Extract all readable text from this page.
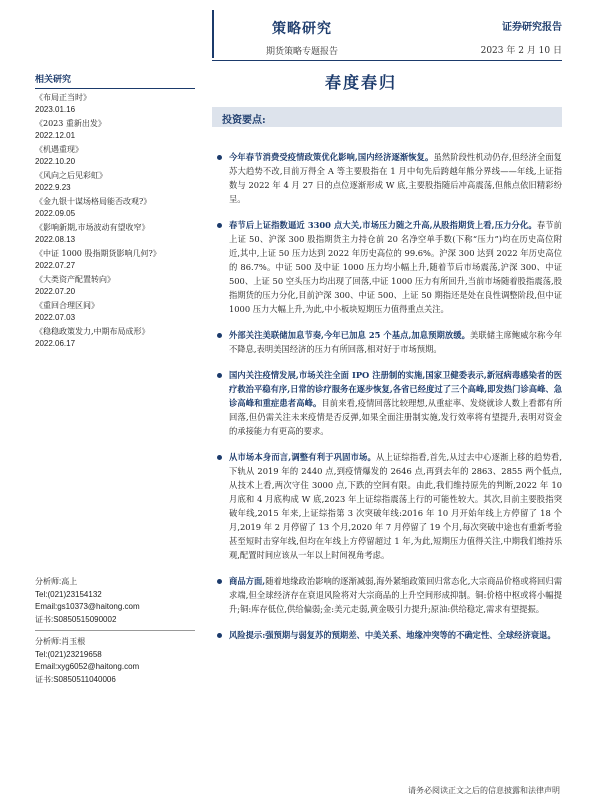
策略研究
期货策略专题报告
证券研究报告
2023 年 2 月 10 日
相关研究
《布局正当时》
2023.01.16
《2023 重新出发》
2022.12.01
《机遇重现》
2022.10.20
《风向之后见彩虹》
2022.9.23
《金九银十谋场格局能否改观?》
2022.09.05
《影响新期,市场波动有望收窄》
2022.08.13
《中证 1000 股指期货影响几何?》
2022.07.27
《大类资产配置转向》
2022.07.20
《重回合理区间》
2022.07.03
《稳稳政策发力,中期布局成形》
2022.06.17
分析师:高上
Tel:(021)23154132
Email:gs10373@haitong.com
证书:S0850515090002
分析师:肖玉根
Tel:(021)23219658
Email:xyg6052@haitong.com
证书:S0850511040006
春度春归
投资要点:
今年春节消费受疫情政策优化影响,国内经济逐渐恢复。虽然阶段性机动仍存,但经济全面复苏大趋势不改,目前万得全 A 等主要股指在 1 月中旬先后跨越年熊分界线——年线,上证指数与 2022 年 4 月 27 日的点位逐渐形成 W 底,主要股指随后冲高震荡,但熊点依旧精彩纷呈。
春节后上证指数逼近 3300 点大关,市场压力随之升高,从股指期货上看,压力分化。春节前上证 50、沪深 300 股指期货主力持仓前 20 名净空单手数(下称“压力”)均在历史高位附近,其中,上证 50 压力达到 2022 年历史高位的 99.6%。沪深 300 达到 2022 年历史高位的 86.7%。中证 500 及中证 1000 压力均小幅上升,随着节后市场震荡,沪深 300、中证 500、上证 50 空头压力均出现了回落,中证 1000 压力有所回升,当前市场随着股指震荡,股指期货的压力分化,目前沪深 300、中证 500、上证 50 期指还是处在良性调整阶段,但中证 1000 压力大幅上升,为此,中小板块短期压力值得重点关注。
外部关注美联储加息节奏,今年已加息 25 个基点,加息预期放缓。美联储主席鲍威尔称今年不降息,表明美国经济的压力有所回落,相对好于市场预期。
国内关注疫情发展,市场关注全面 IPO 注册制的实施,国家卫健委表示,新冠病毒感染者的医疗救治平稳有序,日常的诊疗服务在逐步恢复,各省已经度过了三个高峰,即发热门诊高峰、急诊高峰和重症患者高峰。目前来看,疫情回落比较理想,从重症率、发烧就诊人数上看都有所回落,但仍需关注未来疫情是否反弹,如果全面注册制实施,发行效率将有望提升,表明对资金的承接能力有更高的要求。
从市场本身而言,调整有利于巩固市场。从上证综指看,首先,从过去中心逐渐上移的趋势看,下轨从 2019 年的 2440 点,到疫情爆发的 2646 点,再到去年的 2863、2855 两个低点,从技术上看,两次守住 3000 点,下跌的空间有限。由此,我们维持原先的判断,2022 年 10 月底和 4 月底构成 W 底,2023 年上证综指震荡上行的可能性较大。其次,目前主要股指突破年线,2015 年来,上证综指第 3 次突破年线:2016 年 10 月开始年线上方停留了 18 个月,2019 年 2 月停留了 13 个月,2020 年 7 月停留了 19 个月,每次突破中途也有重新考验甚至短时击穿年线,但均在年线上方停留超过 1 年,为此,短期压力值得关注,中期我们维持乐观,配置时间应该从一年以上时间视角考虑。
商品方面,随着地缘政治影响的逐渐减弱,海外紧缩政策回归常态化,大宗商品价格或将回归需求端,但全球经济存在衰退风险将对大宗商品的上升空间形成抑制。铜:价格中枢或将小幅提升;铜:库存低位,供给偏弱;金:美元走弱,黄金吸引力提升;原油:供给稳定,需求有望提振。
风险提示:强预期与弱复苏的预期差、中美关系、地缘冲突等的不确定性、全球经济衰退。
请务必阅读正文之后的信息披露和法律声明
